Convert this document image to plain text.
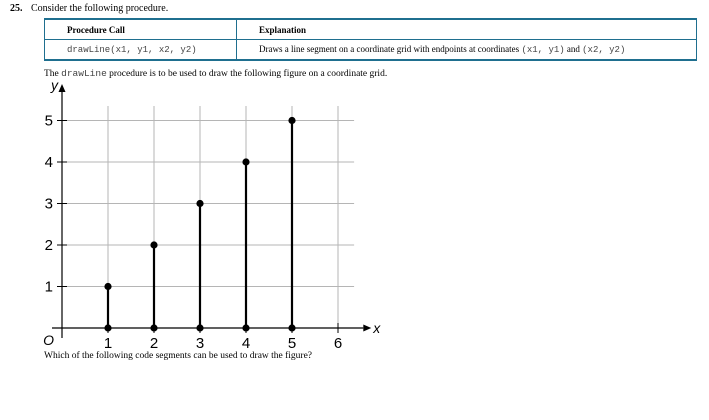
25. Consider the following procedure.
Procedure Call	Explanation
drawLine(x1, y1, x2, y2)	Draws a line segment on a coordinate grid with endpoints at coordinates (x1, y1) and (x2, y2)
The drawLine procedure is to be used to draw the following figure on a coordinate grid.
y
x
O	1	2	3	4	5	6
1
2
3
4
5
Which of the following code segments can be used to draw the figure?
